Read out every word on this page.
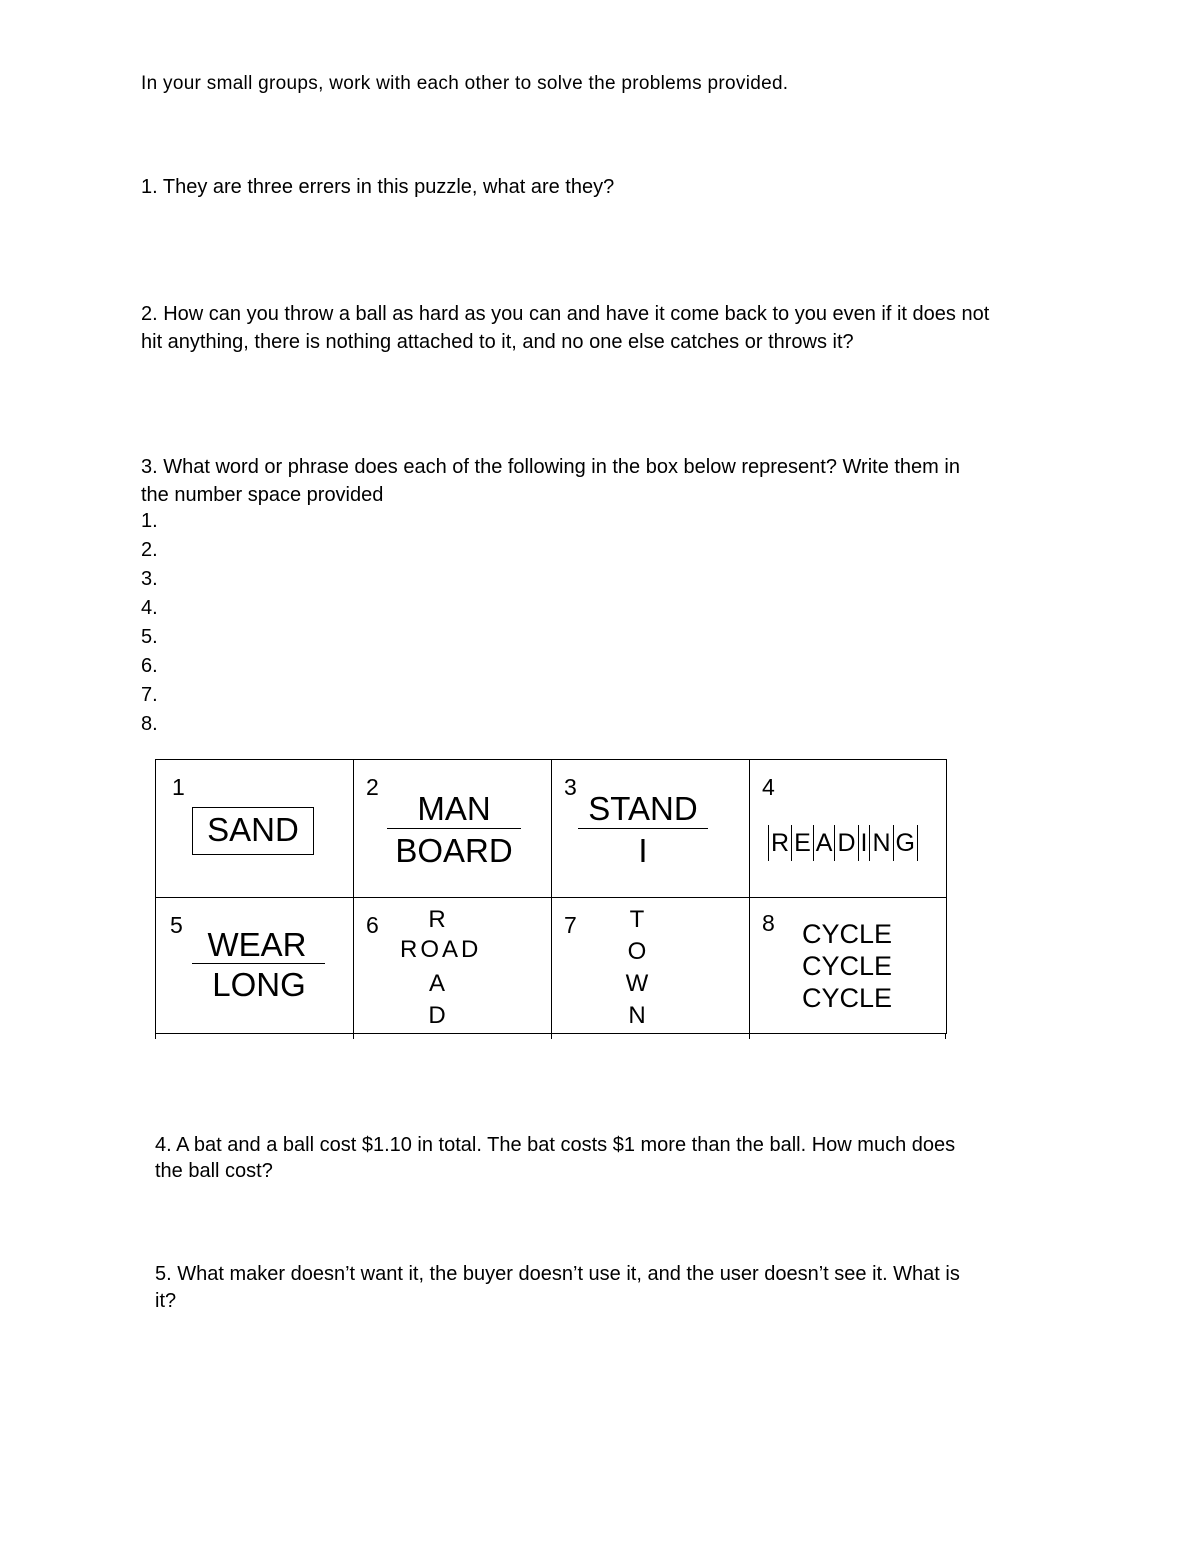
In your small groups, work with each other to solve the problems provided.
1. They are three errers in this puzzle, what are they?
2. How can you throw a ball as hard as you can and have it come back to you even if it does not
hit anything, there is nothing attached to it, and no one else catches or throws it?
3. What word or phrase does each of the following in the box below represent? Write them in
the number space provided
1.
2.
3.
4.
5.
6.
7.
8.
1
SAND
2
MAN
BOARD
3
STAND
I
4
R E A D I N G
5
WEAR
LONG
6 R
ROAD
A
D
7	T
O
W
N
8 CYCLE
CYCLE
CYCLE
4. A bat and a ball cost $1.10 in total. The bat costs $1 more than the ball. How much does
the ball cost?
5. What maker doesn’t want it, the buyer doesn’t use it, and the user doesn’t see it. What is
it?
